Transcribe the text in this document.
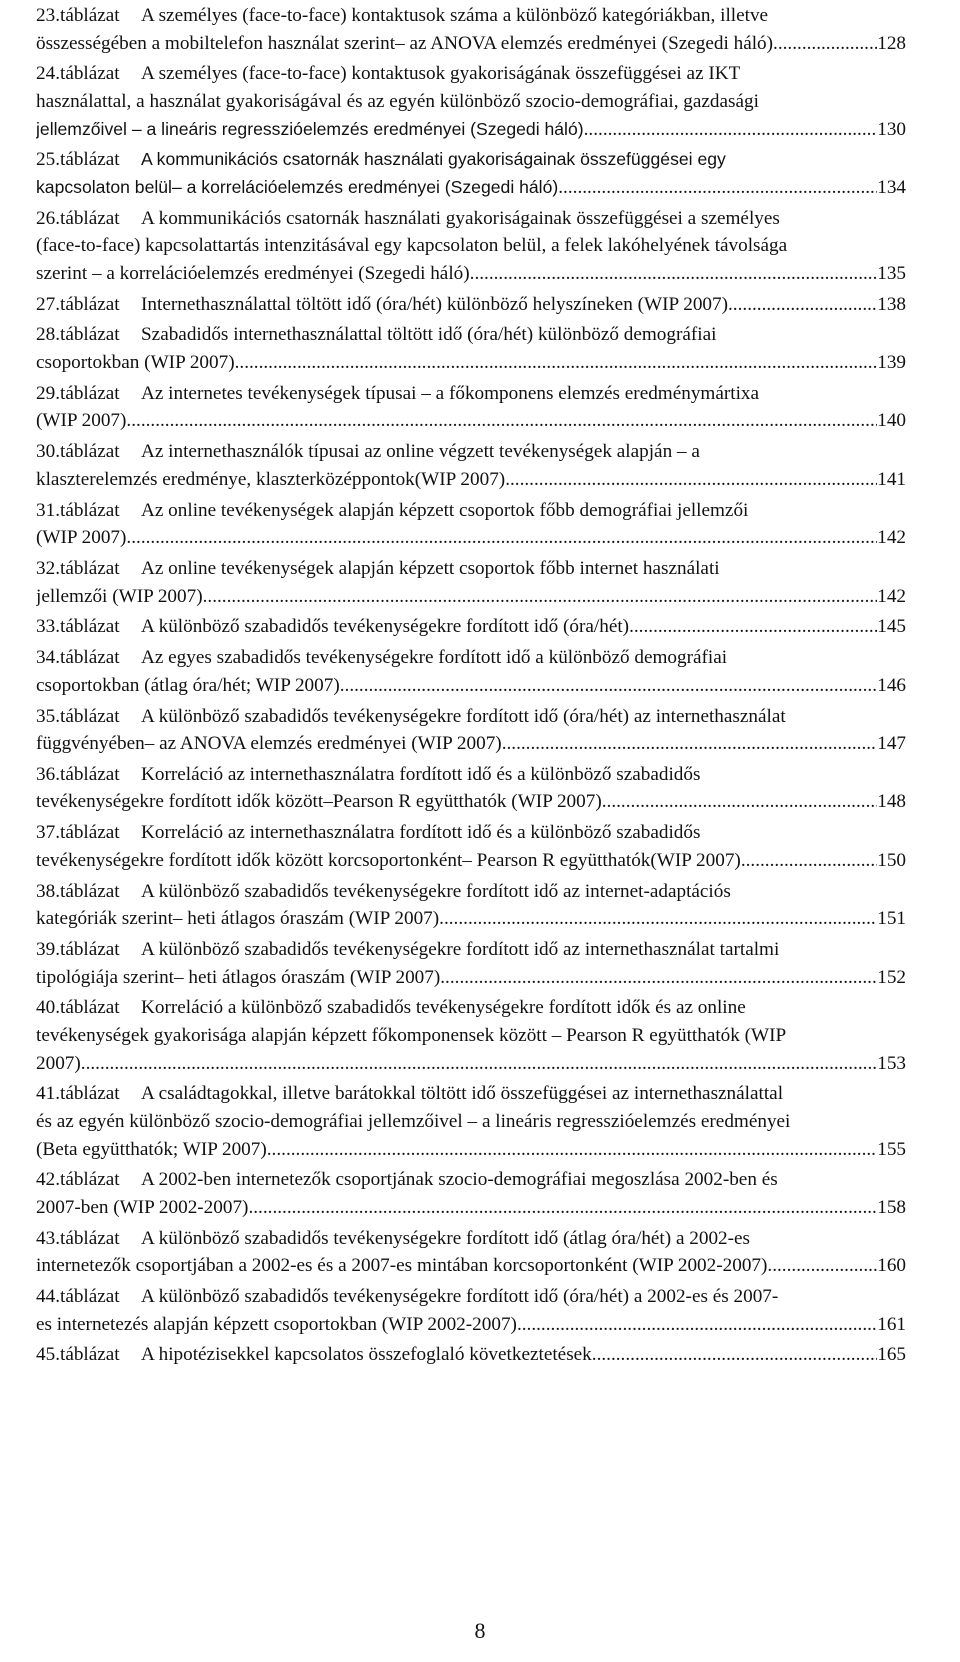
23.táblázat	A személyes (face-to-face) kontaktusok száma a különböző kategóriákban, illetve
összességében a mobiltelefon használat szerint– az ANOVA elemzés eredményei (Szegedi háló) .....	128
24.táblázat	A személyes (face-to-face) kontaktusok gyakoriságának összefüggései az IKT
használattal, a használat gyakoriságával és az egyén különböző szocio-demográfiai, gazdasági
jellemzőivel – a lineáris regresszióelemzés eredményei (Szegedi háló) .....	130
25.táblázat	A kommunikációs csatornák használati gyakoriságainak összefüggései egy
kapcsolaton belül– a korrelációelemzés eredményei (Szegedi háló) .....	134
26.táblázat	A kommunikációs csatornák használati gyakoriságainak összefüggései a személyes
(face-to-face) kapcsolattartás intenzitásával egy kapcsolaton belül, a felek lakóhelyének távolsága
szerint – a korrelációelemzés eredményei (Szegedi háló) .....	135
27.táblázat	Internethasználattal töltött idő (óra/hét) különböző helyszíneken (WIP 2007) .....	138
28.táblázat	Szabadidős internethasználattal töltött idő (óra/hét) különböző demográfiai
csoportokban (WIP 2007) .....	139
29.táblázat	Az internetes tevékenységek típusai – a főkomponens elemzés eredménymártixa
(WIP 2007) .....	140
30.táblázat	Az internethasználók típusai az online végzett tevékenységek alapján – a
klaszterelemzés eredménye, klaszterközéppontok(WIP 2007) .....	141
31.táblázat	Az online tevékenységek alapján képzett csoportok főbb demográfiai jellemzői
(WIP 2007) .....	142
32.táblázat	Az online tevékenységek alapján képzett csoportok főbb internet használati
jellemzői (WIP 2007) .....	142
33.táblázat	A különböző szabadidős tevékenységekre fordított idő (óra/hét) .....	145
34.táblázat	Az egyes szabadidős tevékenységekre fordított idő a különböző demográfiai
csoportokban (átlag óra/hét; WIP 2007) .....	146
35.táblázat	A különböző szabadidős tevékenységekre fordított idő (óra/hét) az internethasználat
függvényében– az ANOVA elemzés eredményei (WIP 2007) .....	147
36.táblázat	Korreláció az internethasználatra fordított idő és a különböző szabadidős
tevékenységekre fordított idők között–Pearson R együtthatók (WIP 2007) .....	148
37.táblázat	Korreláció az internethasználatra fordított idő és a különböző szabadidős
tevékenységekre fordított idők között korcsoportonként– Pearson R együtthatók(WIP 2007) .....	150
38.táblázat	A különböző szabadidős tevékenységekre fordított idő az internet-adaptációs
kategóriák szerint– heti átlagos óraszám (WIP 2007) .....	151
39.táblázat	A különböző szabadidős tevékenységekre fordított idő az internethasználat tartalmi
tipológiája szerint– heti átlagos óraszám (WIP 2007) .....	152
40.táblázat	Korreláció a különböző szabadidős tevékenységekre fordított idők és az online
tevékenységek gyakorisága alapján képzett főkomponensek között – Pearson R együtthatók (WIP
2007) .....	153
41.táblázat	A családtagokkal, illetve barátokkal töltött idő összefüggései az internethasználattal
és az egyén különböző szocio-demográfiai jellemzőivel – a lineáris regresszióelemzés eredményei
(Beta együtthatók; WIP 2007) .....	155
42.táblázat	A 2002-ben internetezők csoportjának szocio-demográfiai megoszlása 2002-ben és
2007-ben (WIP 2002-2007) .....	158
43.táblázat	A különböző szabadidős tevékenységekre fordított idő (átlag óra/hét) a 2002-es
internetezők csoportjában a 2002-es és a 2007-es mintában korcsoportonként (WIP 2002-2007) .....	160
44.táblázat	A különböző szabadidős tevékenységekre fordított idő (óra/hét) a 2002-es és 2007-
es internetezés alapján képzett csoportokban (WIP 2002-2007) .....	161
45.táblázat	A hipotézisekkel kapcsolatos összefoglaló következtetések .....	165
8
